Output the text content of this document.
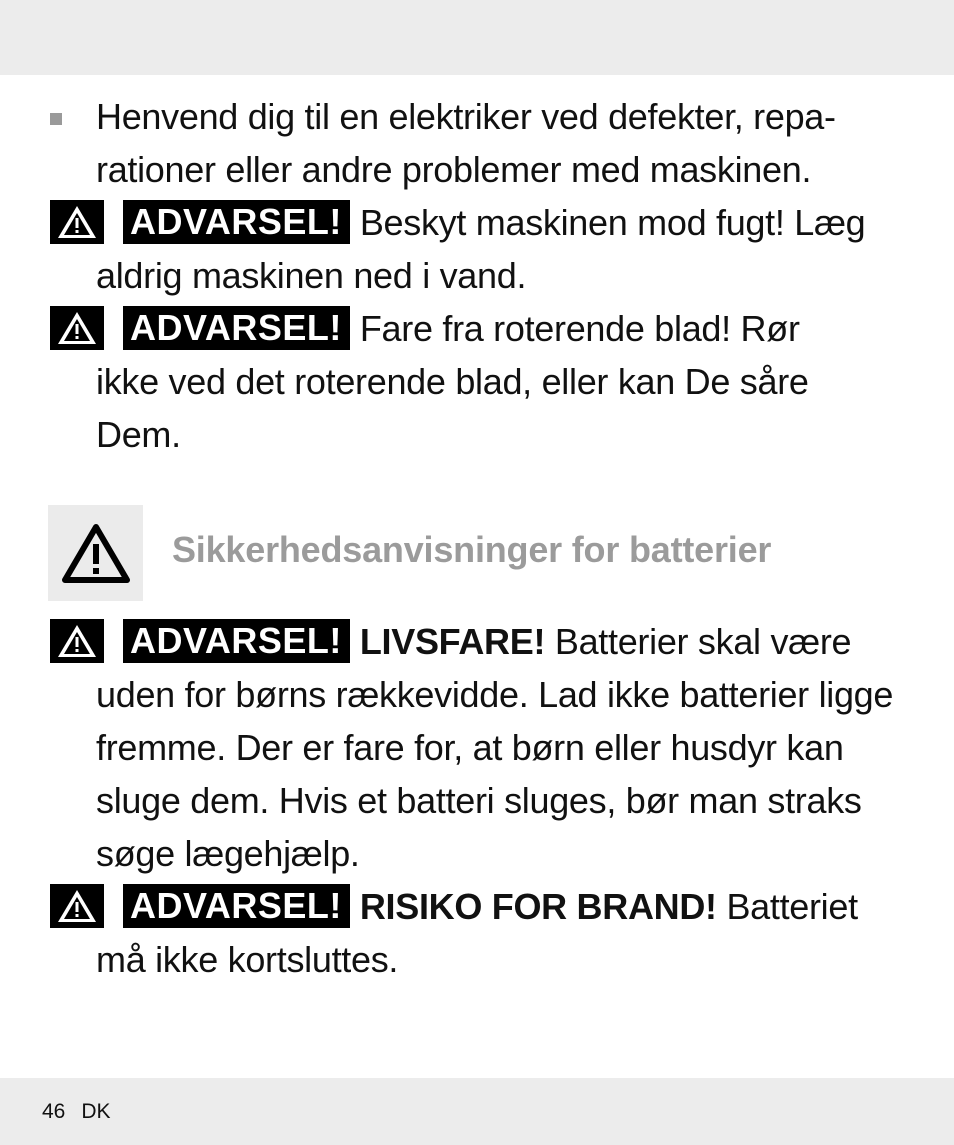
Henvend dig til en elektriker ved defekter, repa-
rationer eller andre problemer med maskinen.
ADVARSEL! Beskyt maskinen mod fugt! Læg
aldrig maskinen ned i vand.
ADVARSEL! Fare fra roterende blad! Rør
ikke ved det roterende blad, eller kan De såre
Dem.
Sikkerhedsanvisninger for batterier
ADVARSEL! LIVSFARE! Batterier skal være
uden for børns rækkevidde. Lad ikke batterier ligge
fremme. Der er fare for, at børn eller husdyr kan
sluge dem. Hvis et batteri sluges, bør man straks
søge lægehjælp.
ADVARSEL! RISIKO FOR BRAND! Batteriet
må ikke kortsluttes.
46 DK
